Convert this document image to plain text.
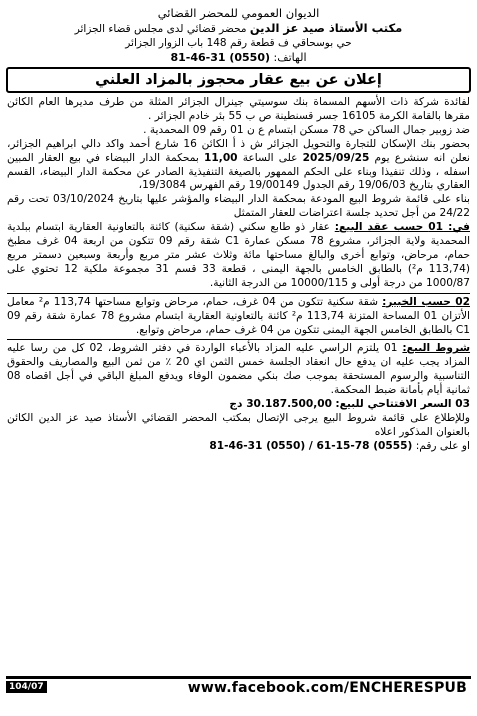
الديوان العمومي للمحضر القضائي
مكتب الأستاذ صيد عز الدين محضر قضائي لدى مجلس قضاء الجزائر
حي بوسحاقي ف قطعة رقم 148 باب الزوار الجزائر
الهاتف: 81-46-31 (0550)
إعلان عن بيع عقار محجوز بالمزاد العلني

لفائدة شركة ذات الأسهم المسماة بنك سوسيتي جينرال الجزائر المثلة من طرف مديرها العام الكائن مقرها بالقامة الكرمة 16105 جسر قسنطينة ص ب 55 بئر خادم الجزائر .

ضد زوبير جمال الساكن حي 78 مسكن ابتسام ع ن 01 رقم 09 المحمدية .

بحضور بنك الإسكان للتجارة والتحويل الجزائر ش ذ أ الكائن 16 شارع أحمد واكد دالي ابراهيم الجزائر، نعلن انه سنشرع يوم 2025/09/25 على الساعة 11,00 بمحكمة الدار البيضاء في بيع العقار المبين اسفله ، وذلك تنفيذا وبناء على الحكم الممهور بالصيغة التنفيذية الصادر عن محكمة الدار البيضاء، القسم العقاري بتاريخ 19/06/03 رقم الجدول 19/00149 رقم الفهرس 19/3084،

بناء على قائمة شروط البيع المودعة بمحكمة الدار البيضاء والمؤشر عليها بتاريخ 03/10/2024 تحت رقم 24/22 من أجل تحديد جلسة اعتراضات للعقار المتمثل

في: 01 حسب عقد البيع: عقار ذو طابع سكني (شقة سكنية) كائنة بالتعاونية العقارية ابتسام ببلدية المحمدية ولاية الجزائر، مشروع 78 مسكن عمارة C1 شقة رقم 09 تتكون من اربعة 04 غرف مطبخ حمام، مرحاض، وتوابع أخرى والبالغ مساحتها مائة وثلاث عشر متر مربع وأربعة وسبعين دسمتر مربع (113,74 م²) بالطابق الخامس بالجهة اليمنى ، قطعة 33 قسم 31 مجموعة ملكية 12 تحتوي على 1000/87 من درجة أولى و 10000/115 من الدرجة الثانية.

02 حسب الخبير: شقة سكنية تتكون من 04 غرف، حمام، مرحاض وتوابع مساحتها 113,74 م² معامل الأتزان 01 المساحة المتزنة 113,74 م² كائنة بالتعاونية العقارية ابتسام مشروع 78 عمارة شقة رقم 09 C1 بالطابق الخامس الجهة اليمنى تتكون من 04 غرف حمام، مرحاض وتوابع.

شروط البيع: 01 يلتزم الراسي عليه المزاد بالأعباء الواردة في دفتر الشروط، 02 كل من رسا عليه المزاد يجب عليه ان يدفع حال انعقاد الجلسة خمس الثمن اي 20 ٪ من ثمن البيع والمصاريف والحقوق التناسبية والرسوم المستحقة بموجب صك بنكي مضمون الوفاء ويدفع المبلغ الباقي في أجل اقصاه 08 ثمانية أيام بأمانة ضبط المحكمة.

03 السعر الافتتاحي للبيع: 30.187.500,00 دج

وللإطلاع على قائمة شروط البيع يرجى الإتصال بمكتب المحضر القضائي الأستاذ صيد عز الدين الكائن بالعنوان المذكور اعلاه

او على رقم: 81-46-31 (0550) / 61-15-78 (0555)

104/07	www.facebook.com/ENCHERESPUB
